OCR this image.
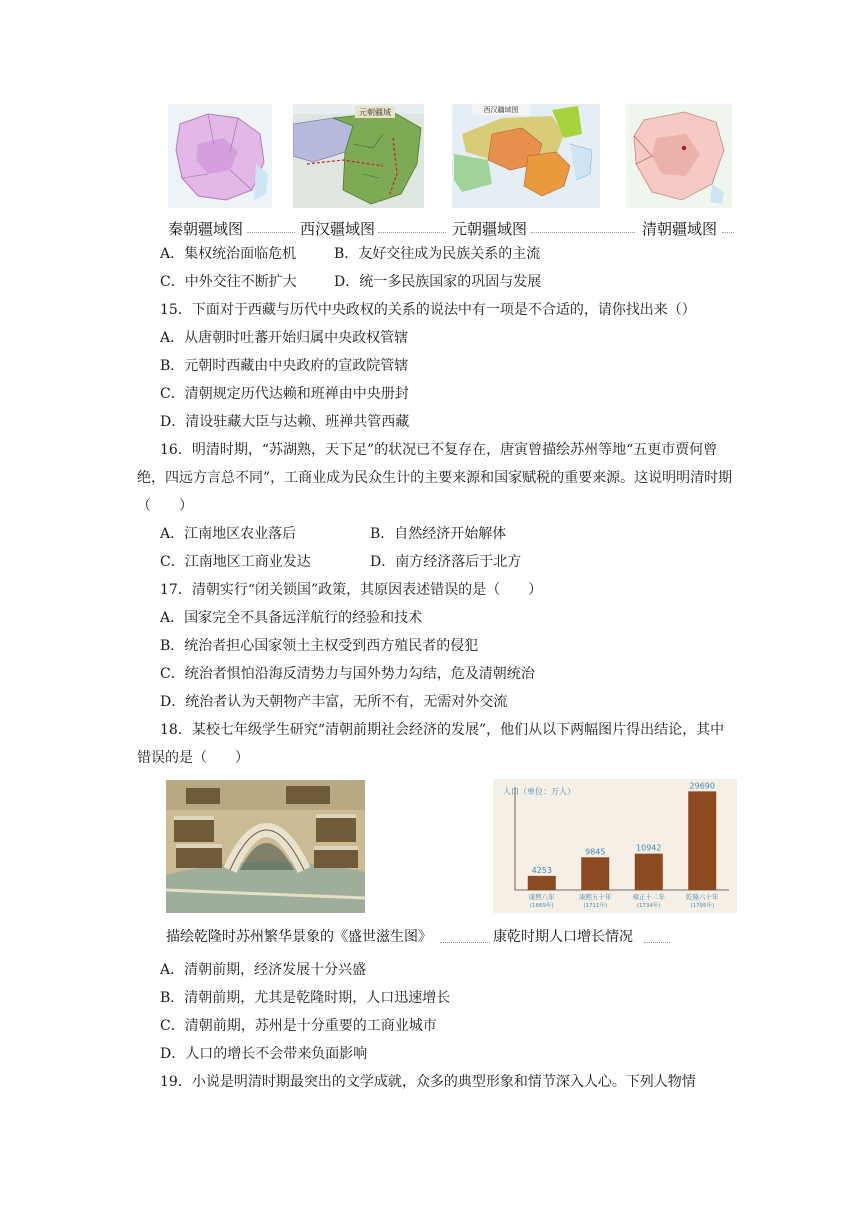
元朝疆域	西汉疆域图
秦朝疆域图	西汉疆域图	元朝疆域图	清朝疆域图
A．集权统治面临危机	B．友好交往成为民族关系的主流
C．中外交往不断扩大	D．统一多民族国家的巩固与发展
15．下面对于西藏与历代中央政权的关系的说法中有一项是不合适的，请你找出来（）
A．从唐朝时吐蕃开始归属中央政权管辖
B．元朝时西藏由中央政府的宣政院管辖
C．清朝规定历代达赖和班禅由中央册封
D．清设驻藏大臣与达赖、班禅共管西藏
16．明清时期，“苏湖熟，天下足”的状况已不复存在，唐寅曾描绘苏州等地“五更市贾何曾绝，四远方言总不同”，工商业成为民众生计的主要来源和国家赋税的重要来源。这说明明清时期（　　）
A．江南地区农业落后	B．自然经济开始解体
C．江南地区工商业发达	D．南方经济落后于北方
17．清朝实行“闭关锁国”政策，其原因表述错误的是（　　）
A．国家完全不具备远洋航行的经验和技术
B．统治者担心国家领土主权受到西方殖民者的侵犯
C．统治者惧怕沿海反清势力与国外势力勾结，危及清朝统治
D．统治者认为天朝物产丰富，无所不有，无需对外交流
18．某校七年级学生研究“清朝前期社会经济的发展”，他们从以下两幅图片得出结论，其中错误的是（　　）
人口（单位：万人）
4253
康熙八年
(1669年)
9845
康熙五十年
(1711年)
10942
雍正十二年
(1734年)
29690
乾隆六十年
(1795年)
描绘乾隆时苏州繁华景象的《盛世滋生图》	康乾时期人口增长情况
A．清朝前期，经济发展十分兴盛
B．清朝前期，尤其是乾隆时期，人口迅速增长
C．清朝前期，苏州是十分重要的工商业城市
D．人口的增长不会带来负面影响
19．小说是明清时期最突出的文学成就，众多的典型形象和情节深入人心。下列人物情
